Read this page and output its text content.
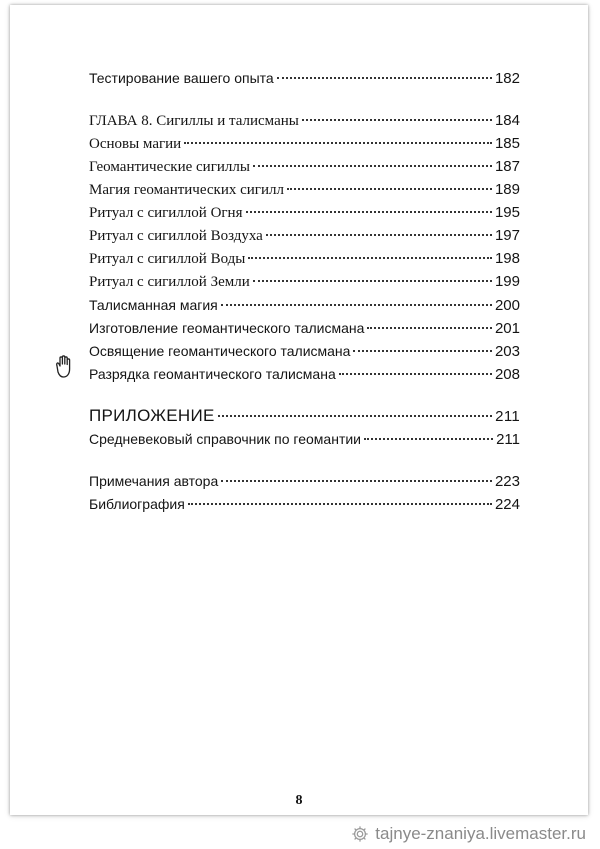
Тестирование вашего опыта	182
ГЛАВА 8. Сигиллы и талисманы	184
Основы магии	185
Геомантические сигиллы	187
Магия геомантических сигилл	189
Ритуал с сигиллой Огня	195
Ритуал с сигиллой Воздуха	197
Ритуал с сигиллой Воды	198
Ритуал с сигиллой Земли	199
Талисманная магия	200
Изготовление геомантического талисмана	201
Освящение геомантического талисмана	203
Разрядка геомантического талисмана	208
ПРИЛОЖЕНИЕ	211
Средневековый справочник по геомантии	211
Примечания автора	223
Библиография	224
8
tajnye-znaniya.livemaster.ru
